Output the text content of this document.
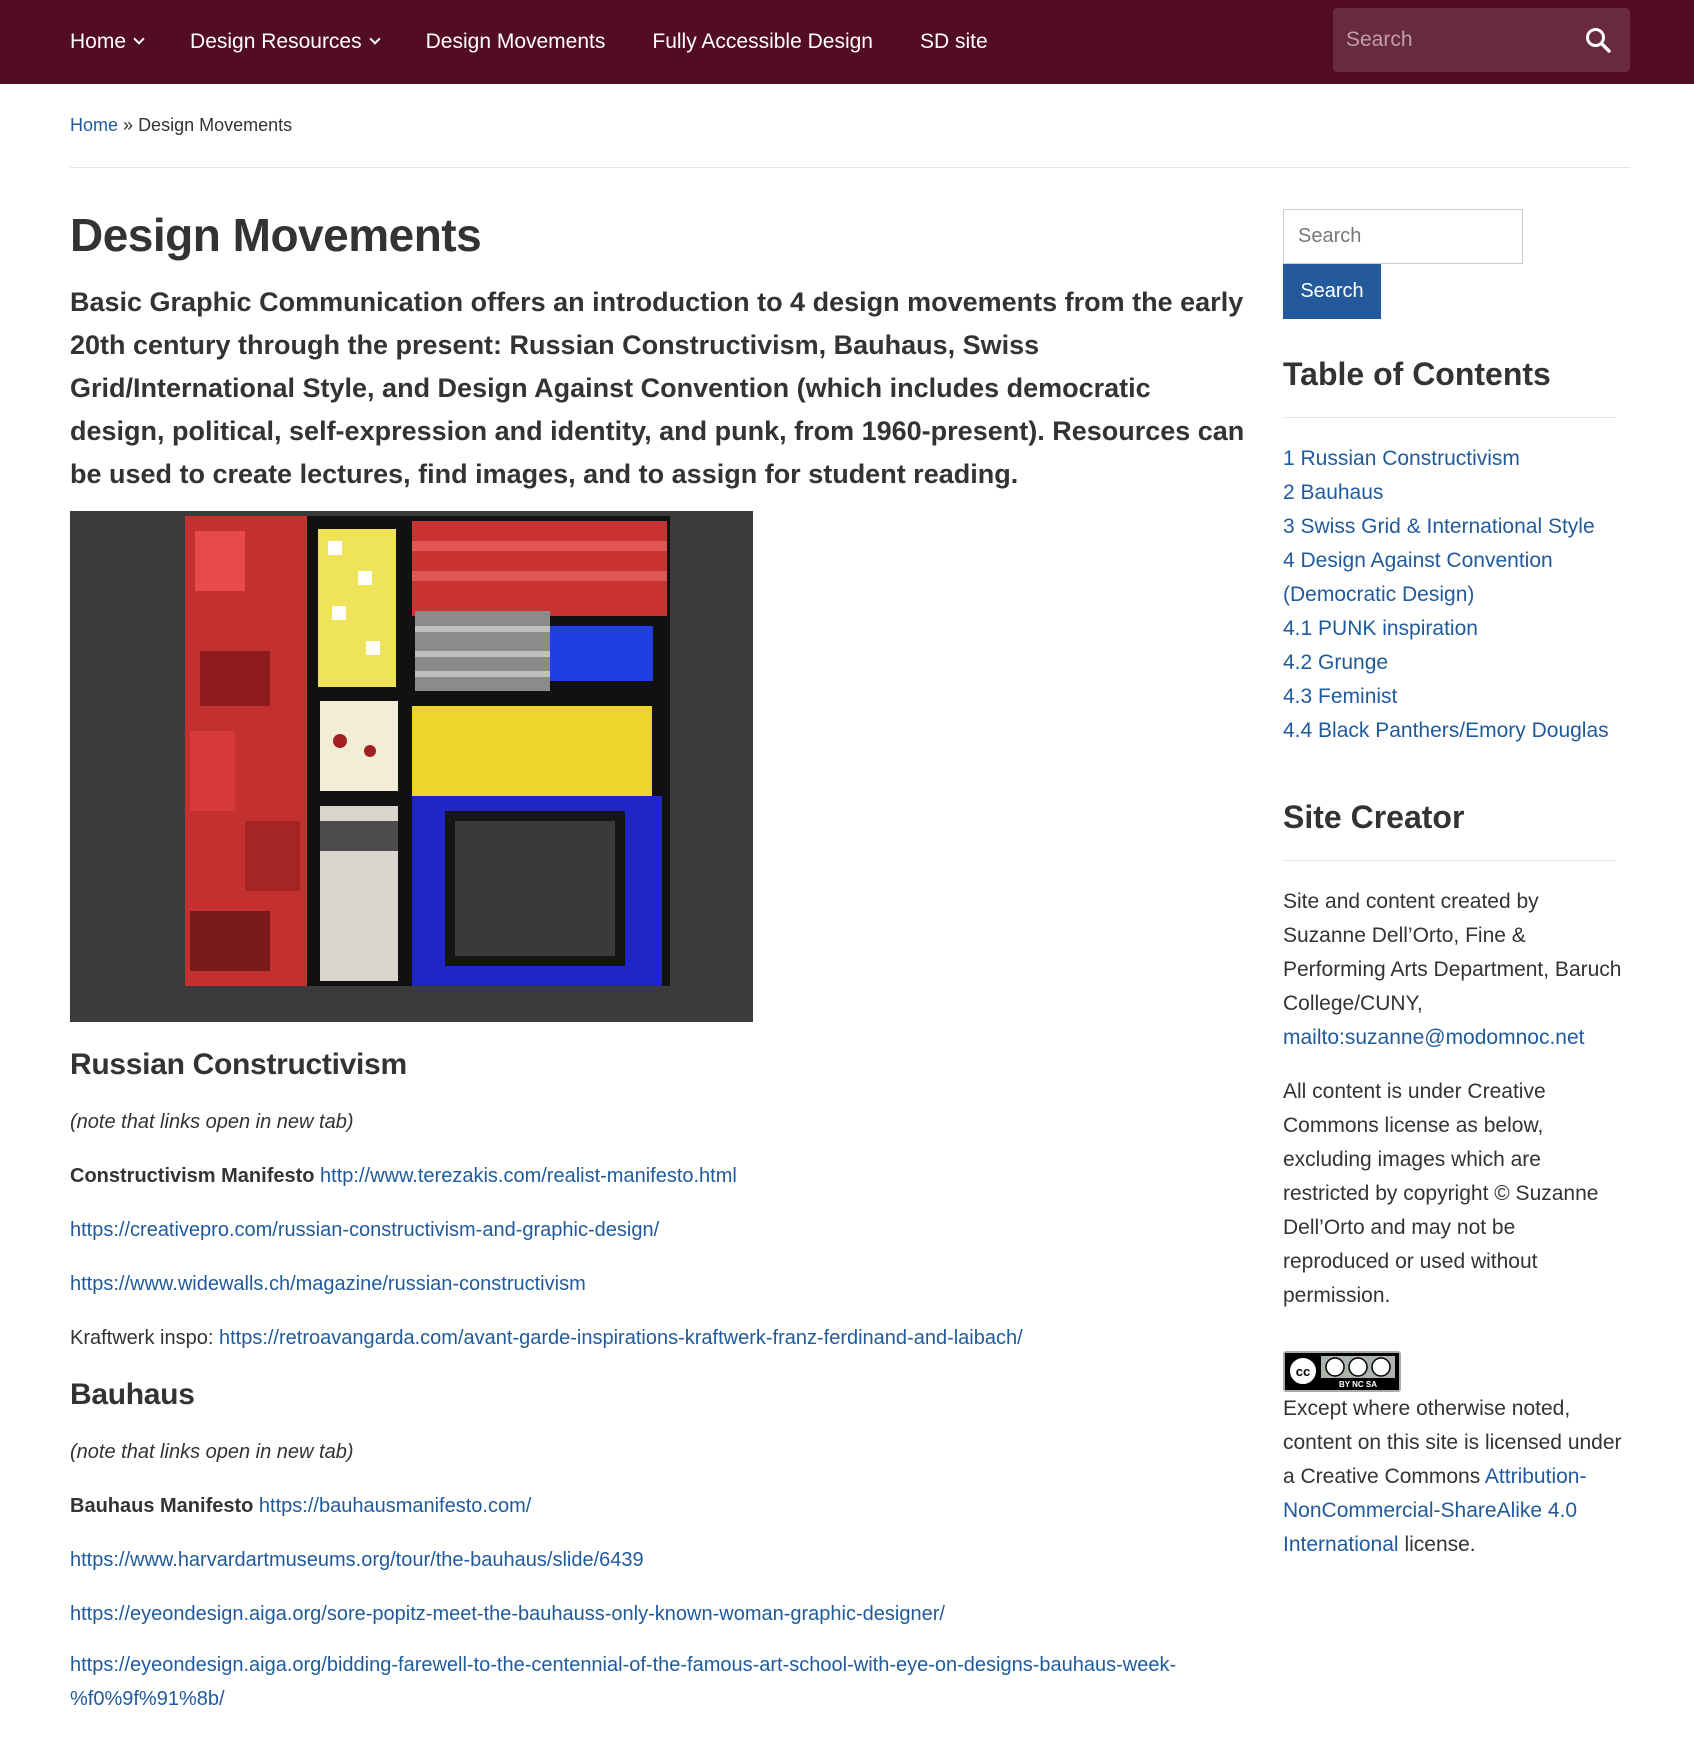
Home	Design Resources	Design Movements Fully Accessible Design SD site
Search
Home » Design Movements
Design Movements

Basic Graphic Communication offers an introduction to 4 design movements from the early 20th century through the present: Russian Constructivism, Bauhaus, Swiss Grid/International Style, and Design Against Convention (which includes democratic design, political, self-expression and identity, and punk, from 1960-present). Resources can be used to create lectures, find images, and to assign for student reading.

Russian Constructivism

(note that links open in new tab)

Constructivism Manifesto http://www.terezakis.com/realist-manifesto.html

https://creativepro.com/russian-constructivism-and-graphic-design/

https://www.widewalls.ch/magazine/russian-constructivism

Kraftwerk inspo: https://retroavangarda.com/avant-garde-inspirations-kraftwerk-franz-ferdinand-and-laibach/

Bauhaus

(note that links open in new tab)

Bauhaus Manifesto https://bauhausmanifesto.com/

https://www.harvardartmuseums.org/tour/the-bauhaus/slide/6439

https://eyeondesign.aiga.org/sore-popitz-meet-the-bauhauss-only-known-woman-graphic-designer/

https://eyeondesign.aiga.org/bidding-farewell-to-the-centennial-of-the-famous-art-school-with-eye-on-designs-bauhaus-week-%f0%9f%91%8b/

Search
Search
Table of Contents
1 Russian Constructivism
2 Bauhaus
3 Swiss Grid & International Style
4 Design Against Convention (Democratic Design)
4.1 PUNK inspiration
4.2 Grunge
4.3 Feminist
4.4 Black Panthers/Emory Douglas
Site Creator

Site and content created by Suzanne Dell’Orto, Fine & Performing Arts Department, Baruch College/CUNY, mailto:suzanne@modomnoc.net

All content is under Creative Commons license as below, excluding images which are restricted by copyright © Suzanne Dell’Orto and may not be reproduced or used without permission.

cc
BY NC SA

Except where otherwise noted, content on this site is licensed under a Creative Commons Attribution-NonCommercial-ShareAlike 4.0 International license.
